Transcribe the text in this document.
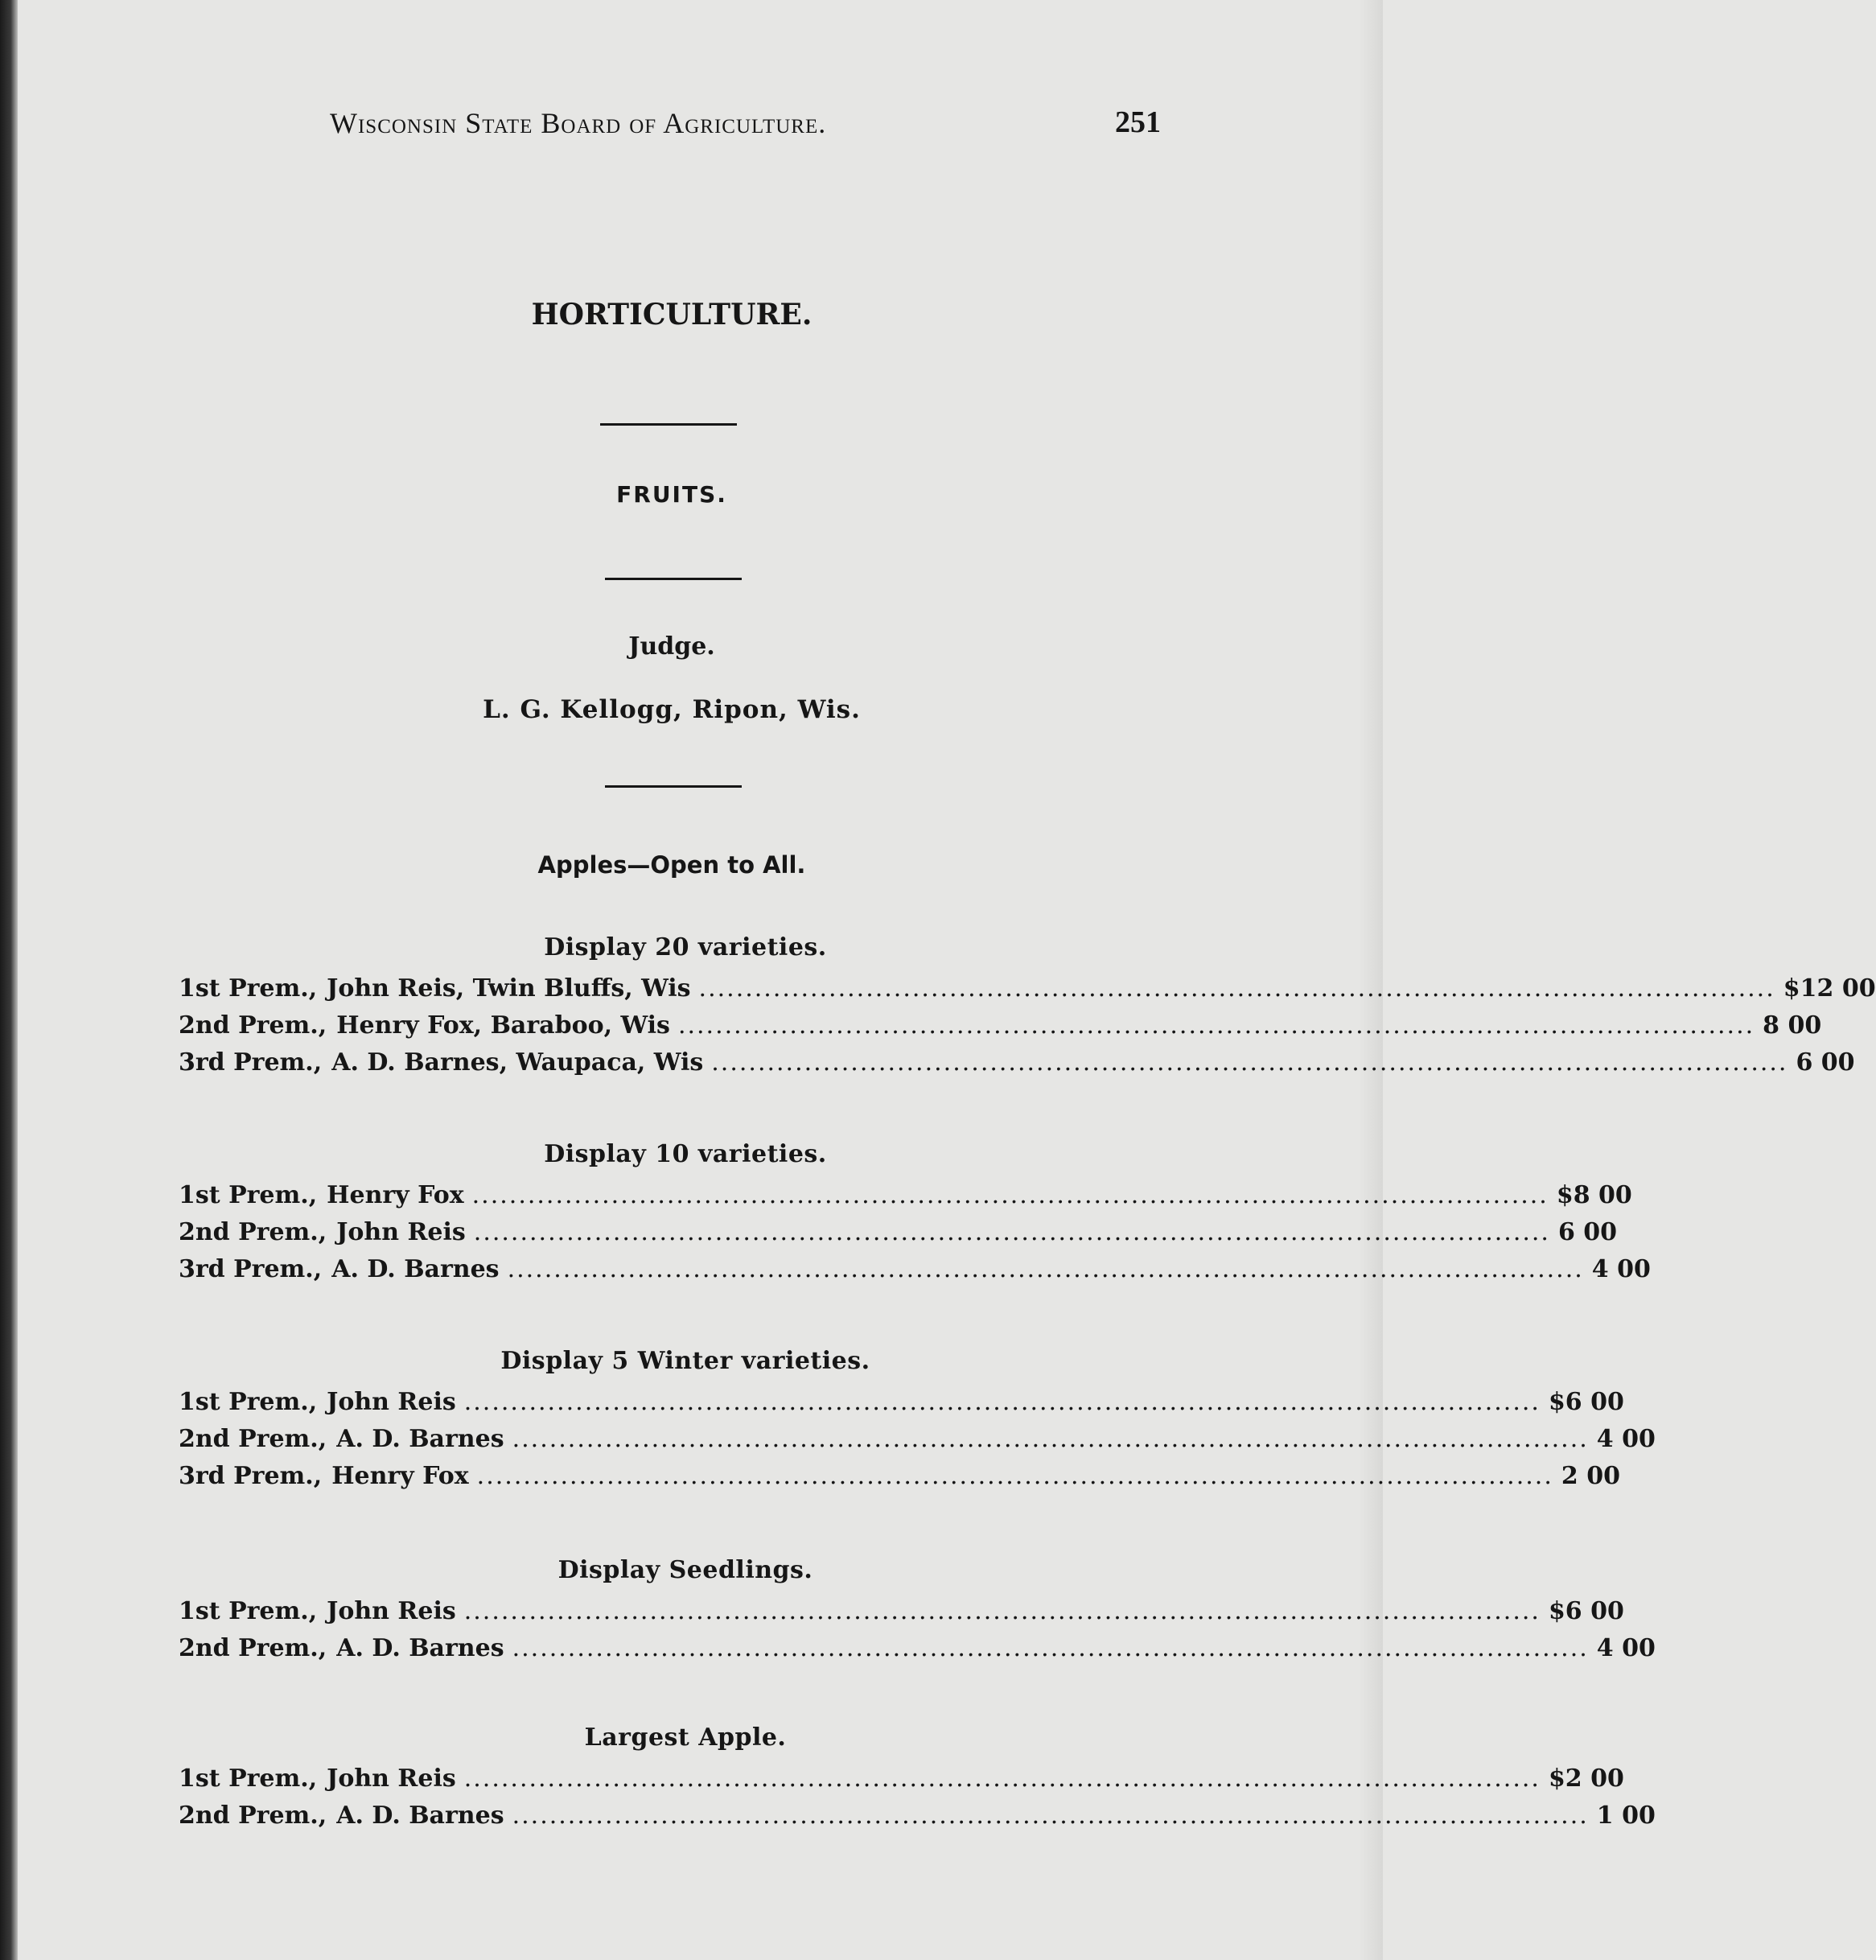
Wisconsin State Board of Agriculture.	251
HORTICULTURE.
FRUITS.
Judge.
L. G. Kellogg, Ripon, Wis.
Apples—Open to All.
Display 20 varieties.
1st Prem., John Reis, Twin Bluffs, Wis .................................................................................................................... $12 00
2nd Prem., Henry Fox, Baraboo, Wis .................................................................................................................... 8 00
3rd Prem., A. D. Barnes, Waupaca, Wis .................................................................................................................... 6 00
Display 10 varieties.
1st Prem., Henry Fox .................................................................................................................... $8 00
2nd Prem., John Reis .................................................................................................................... 6 00
3rd Prem., A. D. Barnes .................................................................................................................... 4 00
Display 5 Winter varieties.
1st Prem., John Reis .................................................................................................................... $6 00
2nd Prem., A. D. Barnes .................................................................................................................... 4 00
3rd Prem., Henry Fox .................................................................................................................... 2 00
Display Seedlings.
1st Prem., John Reis .................................................................................................................... $6 00
2nd Prem., A. D. Barnes .................................................................................................................... 4 00
Largest Apple.
1st Prem., John Reis .................................................................................................................... $2 00
2nd Prem., A. D. Barnes .................................................................................................................... 1 00
